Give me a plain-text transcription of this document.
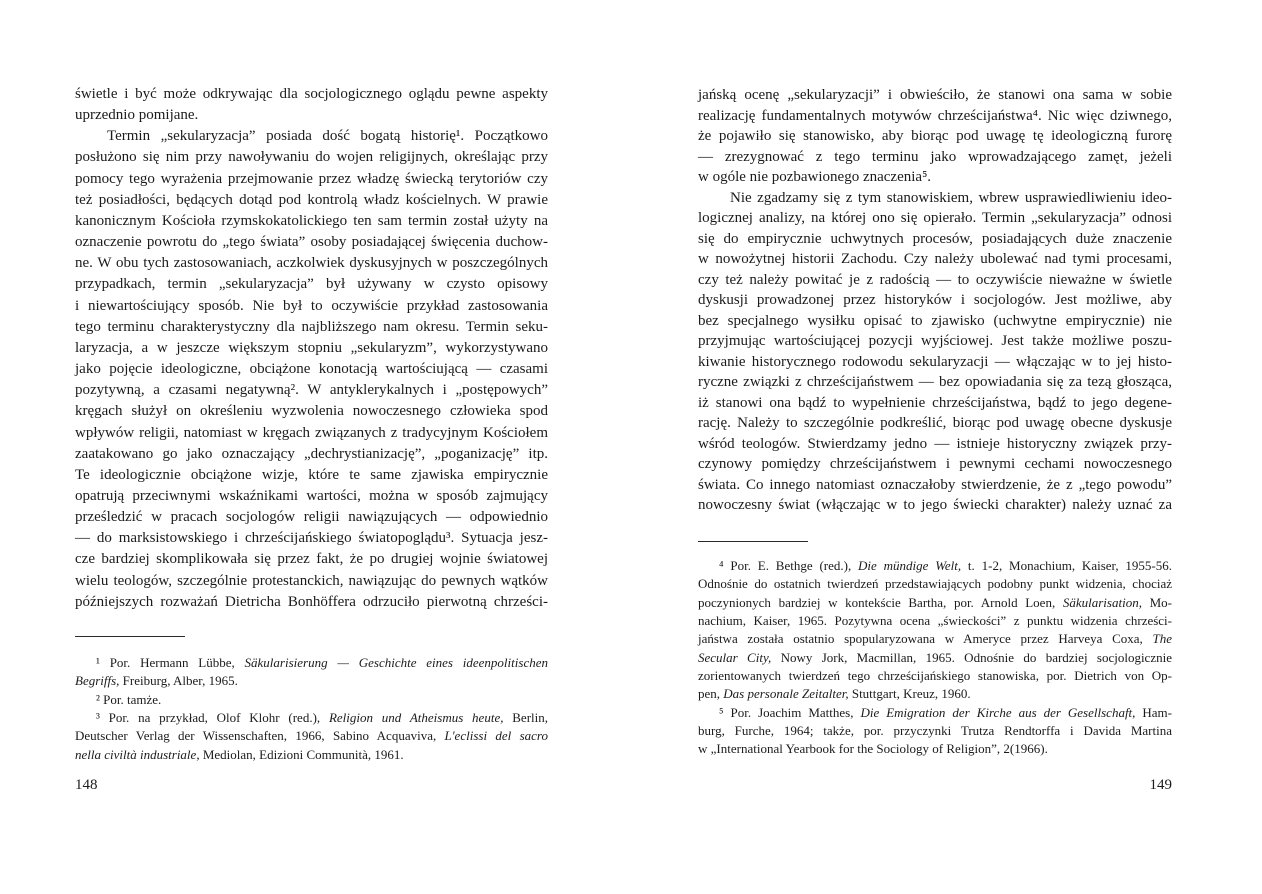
świetle i być może odkrywając dla socjologicznego oglądu pewne aspekty
uprzednio pomijane.
Termin „sekularyzacja” posiada dość bogatą historię¹. Początkowo
posłużono się nim przy nawoływaniu do wojen religijnych, określając przy
pomocy tego wyrażenia przejmowanie przez władzę świecką terytoriów czy
też posiadłości, będących dotąd pod kontrolą władz kościelnych. W prawie
kanonicznym Kościoła rzymskokatolickiego ten sam termin został użyty na
oznaczenie powrotu do „tego świata” osoby posiadającej święcenia duchow-
ne. W obu tych zastosowaniach, aczkolwiek dyskusyjnych w poszczególnych
przypadkach, termin „sekularyzacja” był używany w czysto opisowy
i niewartościujący sposób. Nie był to oczywiście przykład zastosowania
tego terminu charakterystyczny dla najbliższego nam okresu. Termin seku-
laryzacja, a w jeszcze większym stopniu „sekularyzm”, wykorzystywano
jako pojęcie ideologiczne, obciążone konotacją wartościującą — czasami
pozytywną, a czasami negatywną². W antyklerykalnych i „postępowych”
kręgach służył on określeniu wyzwolenia nowoczesnego człowieka spod
wpływów religii, natomiast w kręgach związanych z tradycyjnym Kościołem
zaatakowano go jako oznaczający „dechrystianizację”, „poganizację” itp.
Te ideologicznie obciążone wizje, które te same zjawiska empirycznie
opatrują przeciwnymi wskaźnikami wartości, można w sposób zajmujący
prześledzić w pracach socjologów religii nawiązujących — odpowiednio
— do marksistowskiego i chrześcijańskiego światopoglądu³. Sytuacja jesz-
cze bardziej skomplikowała się przez fakt, że po drugiej wojnie światowej
wielu teologów, szczególnie protestanckich, nawiązując do pewnych wątków
późniejszych rozważań Dietricha Bonhöffera odrzuciło pierwotną chrześci-
¹ Por. Hermann Lübbe, Säkularisierung — Geschichte eines ideenpolitischen
Begriffs, Freiburg, Alber, 1965.
² Por. tamże.
³ Por. na przykład, Olof Klohr (red.), Religion und Atheismus heute, Berlin,
Deutscher Verlag der Wissenschaften, 1966, Sabino Acquaviva, L'eclissi del sacro
nella civiltà industriale, Mediolan, Edizioni Communità, 1961.
148
jańską ocenę „sekularyzacji” i obwieściło, że stanowi ona sama w sobie
realizację fundamentalnych motywów chrześcijaństwa⁴. Nic więc dziwnego,
że pojawiło się stanowisko, aby biorąc pod uwagę tę ideologiczną furorę
— zrezygnować z tego terminu jako wprowadzającego zamęt, jeżeli
w ogóle nie pozbawionego znaczenia⁵.
Nie zgadzamy się z tym stanowiskiem, wbrew usprawiedliwieniu ideo-
logicznej analizy, na której ono się opierało. Termin „sekularyzacja” odnosi
się do empirycznie uchwytnych procesów, posiadających duże znaczenie
w nowożytnej historii Zachodu. Czy należy ubolewać nad tymi procesami,
czy też należy powitać je z radością — to oczywiście nieważne w świetle
dyskusji prowadzonej przez historyków i socjologów. Jest możliwe, aby
bez specjalnego wysiłku opisać to zjawisko (uchwytne empirycznie) nie
przyjmując wartościującej pozycji wyjściowej. Jest także możliwe poszu-
kiwanie historycznego rodowodu sekularyzacji — włączając w to jej histo-
ryczne związki z chrześcijaństwem — bez opowiadania się za tezą głosząca,
iż stanowi ona bądź to wypełnienie chrześcijaństwa, bądź to jego degene-
rację. Należy to szczególnie podkreślić, biorąc pod uwagę obecne dyskusje
wśród teologów. Stwierdzamy jedno — istnieje historyczny związek przy-
czynowy pomiędzy chrześcijaństwem i pewnymi cechami nowoczesnego
świata. Co innego natomiast oznaczałoby stwierdzenie, że z „tego powodu”
nowoczesny świat (włączając w to jego świecki charakter) należy uznać za
⁴ Por. E. Bethge (red.), Die mündige Welt, t. 1-2, Monachium, Kaiser, 1955-56.
Odnośnie do ostatnich twierdzeń przedstawiających podobny punkt widzenia, chociaż
poczynionych bardziej w kontekście Bartha, por. Arnold Loen, Säkularisation, Mo-
nachium, Kaiser, 1965. Pozytywna ocena „świeckości” z punktu widzenia chrześci-
jaństwa została ostatnio spopularyzowana w Ameryce przez Harveya Coxa, The
Secular City, Nowy Jork, Macmillan, 1965. Odnośnie do bardziej socjologicznie
zorientowanych twierdzeń tego chrześcijańskiego stanowiska, por. Dietrich von Op-
pen, Das personale Zeitalter, Stuttgart, Kreuz, 1960.
⁵ Por. Joachim Matthes, Die Emigration der Kirche aus der Gesellschaft, Ham-
burg, Furche, 1964; także, por. przyczynki Trutza Rendtorffa i Davida Martina
w „International Yearbook for the Sociology of Religion”, 2(1966).
149
